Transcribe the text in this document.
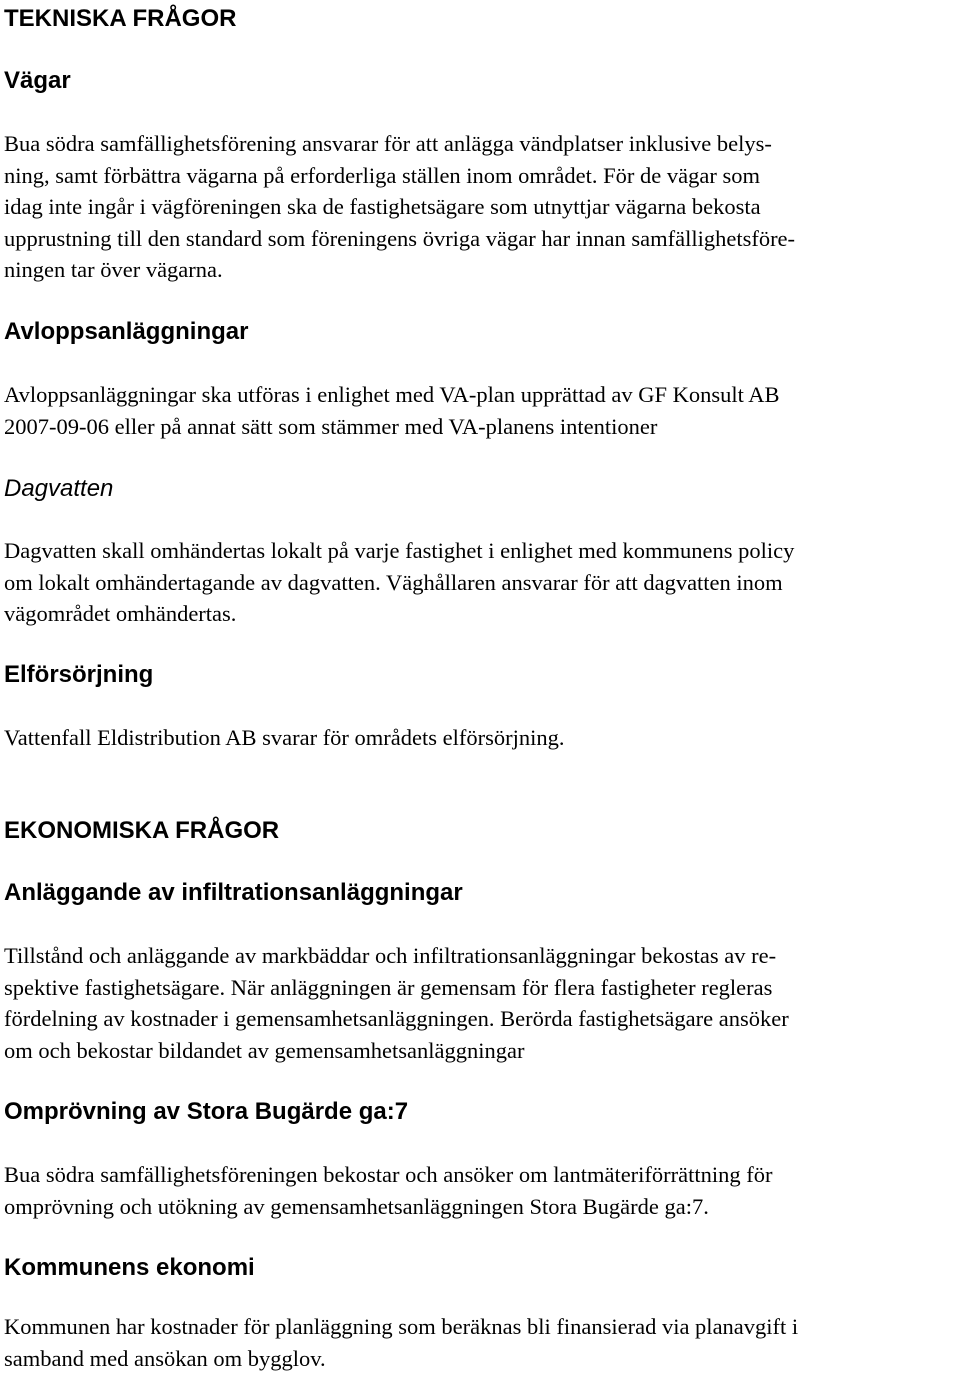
TEKNISKA FRÅGOR
Vägar
Bua södra samfällighetsförening ansvarar för att anlägga vändplatser inklusive belys-
ning, samt förbättra vägarna på erforderliga ställen inom området. För de vägar som
idag inte ingår i vägföreningen ska de fastighetsägare som utnyttjar vägarna bekosta
upprustning till den standard som föreningens övriga vägar har innan samfällighetsföre-
ningen tar över vägarna.
Avloppsanläggningar
Avloppsanläggningar ska utföras i enlighet med VA-plan upprättad av GF Konsult AB
2007-09-06 eller på annat sätt som stämmer med VA-planens intentioner
Dagvatten
Dagvatten skall omhändertas lokalt på varje fastighet i enlighet med kommunens policy
om lokalt omhändertagande av dagvatten. Väghållaren ansvarar för att dagvatten inom
vägområdet omhändertas.
Elförsörjning
Vattenfall Eldistribution AB svarar för områdets elförsörjning.
EKONOMISKA FRÅGOR
Anläggande av infiltrationsanläggningar
Tillstånd och anläggande av markbäddar och infiltrationsanläggningar bekostas av re-
spektive fastighetsägare. När anläggningen är gemensam för flera fastigheter regleras
fördelning av kostnader i gemensamhetsanläggningen. Berörda fastighetsägare ansöker
om och bekostar bildandet av gemensamhetsanläggningar
Omprövning av Stora Bugärde ga:7
Bua södra samfällighetsföreningen bekostar och ansöker om lantmäteriförrättning för
omprövning och utökning av gemensamhetsanläggningen Stora Bugärde ga:7.
Kommunens ekonomi
Kommunen har kostnader för planläggning som beräknas bli finansierad via planavgift i
samband med ansökan om bygglov.
